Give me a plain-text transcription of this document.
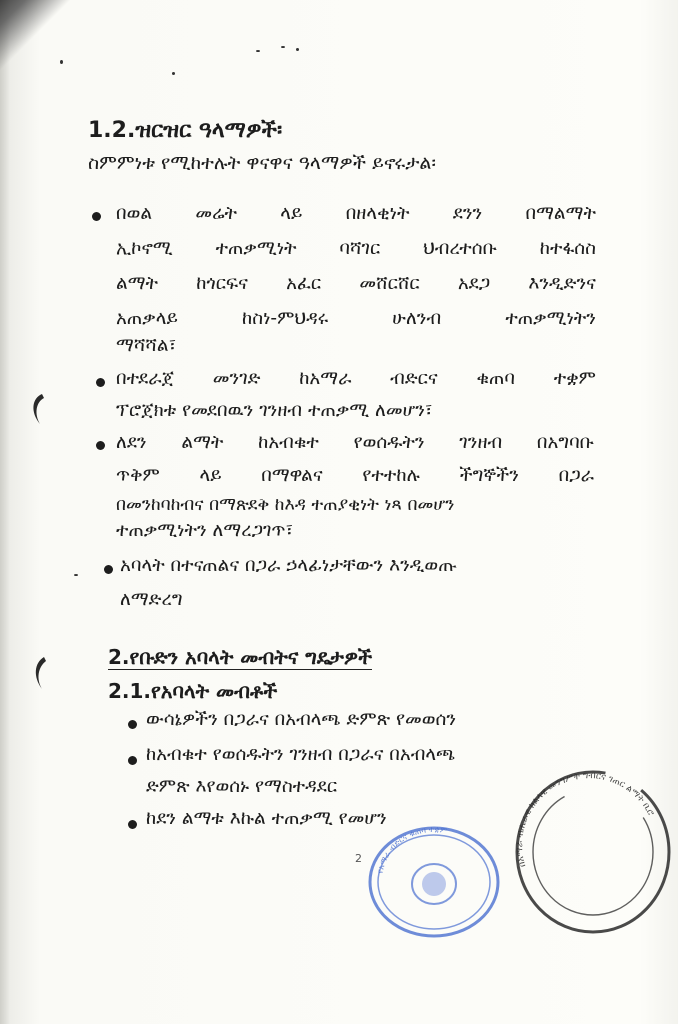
1.2.ዝርዝር ዓላማዎች፡
ስምምነቱ የሚከተሉት ዋናዋና ዓላማዎች ይኖሩታል፡
በወል መሬት ላይ በዘላቂነት ደንን በማልማት
ኢኮኖሚ ተጠቃሚነት ባሻገር ህብረተሰቡ ከተፋሰስ
ልማት ከጎርፍና አፈር መሸርሸር አደጋ እንዲድንና
አጠቃላይ	ከስነ-ምህዳሩ	ሁለንብ	ተጠቃሚነትን
ማሻሻል፣
በተደራጀ መንገድ ከአማራ ብድርና ቁጠባ ተቋም
ፕሮጀክቱ የመደበዉን ገንዘብ ተጠቃሚ ለመሆን፣
ለደን ልማት ከአብቁተ የወሰዱትን ገንዘብ በአግባቡ
ጥቅም ላይ በማዋልና የተተከሉ ችግኞችን በጋራ
በመንከባከብና በማጽደቅ ከእዳ ተጠያቂነት ነጻ በመሆን
ተጠቃሚነትን ለማረጋገጥ፣
አባላት በተናጠልና በጋራ ኃላፊነታቸውን እንዲወጡ
ለማድረግ
2.የቡድን አባላት መብትና ግዴታዎች
2.1.የአባላት መብቶች
ውሳኔዎችን በጋራና በአብላጫ ድምጽ የመወሰን
ከአብቁተ የወሰዱትን ገንዘብ በጋራና በአብላጫ
ድምጽ እየወሰኑ የማስተዳደር
ከደን ልማቱ እኩል ተጠቃሚ የመሆን
2
የአማራ ብድርና ቁጠባ ተቋም
በአማራ ብሔራዊ ክልላዊ መንግሥት ግብርና ገጠር ልማት ቢሮ
